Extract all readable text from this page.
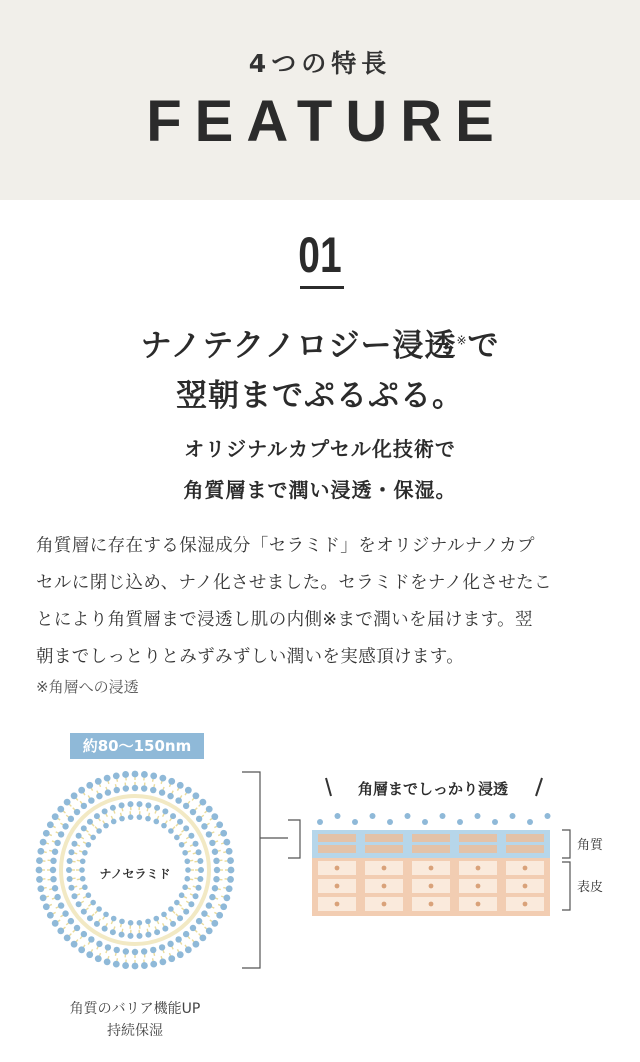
4つの特長
FEATURE
01
ナノテクノロジー浸透※で
翌朝までぷるぷる。
オリジナルカプセル化技術で
角質層まで潤い浸透・保湿。
角質層に存在する保湿成分「セラミド」をオリジナルナノカプ
セルに閉じ込め、ナノ化させました。セラミドをナノ化させたこ
とにより角質層まで浸透し肌の内側※まで潤いを届けます。翌
朝までしっとりとみずみずしい潤いを実感頂けます。
※角層への浸透
約80〜150nm
ナノセラミド
角層までしっかり浸透
角質
表皮
角質のバリア機能UP
持続保湿
